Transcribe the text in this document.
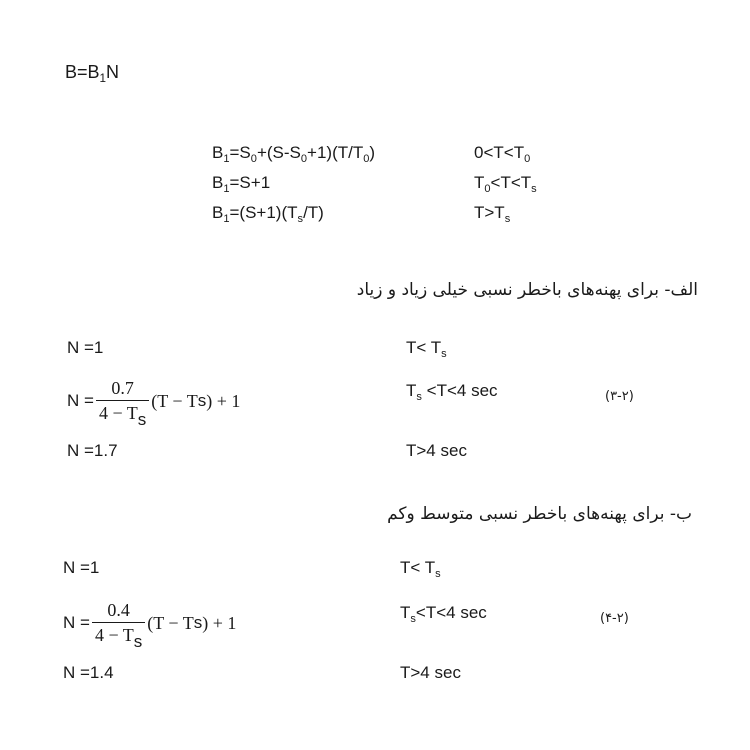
$B=B_1N$
$B_1=S_0+(S-S_0+1)(T/T_0)$	$0<T<T_0$
$B_1=S+1$	$T_0<T<T_s$
$B_1=(S+1)(T_s/T)$	$T>T_s$
الف- برای پهنه‌های باخطر نسبی خیلی زیاد و زیاد
N =1	$T< T_s$
$N = \frac{0.7}{4 - T_s} (T - T$ s ) + 1	$T_s <T<4$ sec	(۳-۲)
N =1.7	T>4 sec
ب- برای پهنه‌های باخطر نسبی متوسط وکم
N =1	$T< T_s$
$N = \frac{0.4}{4 - T_s} (T - T$ s ) + 1	$T_s<T<4$ sec	(۴-۲)
N =1.4	T>4 sec
